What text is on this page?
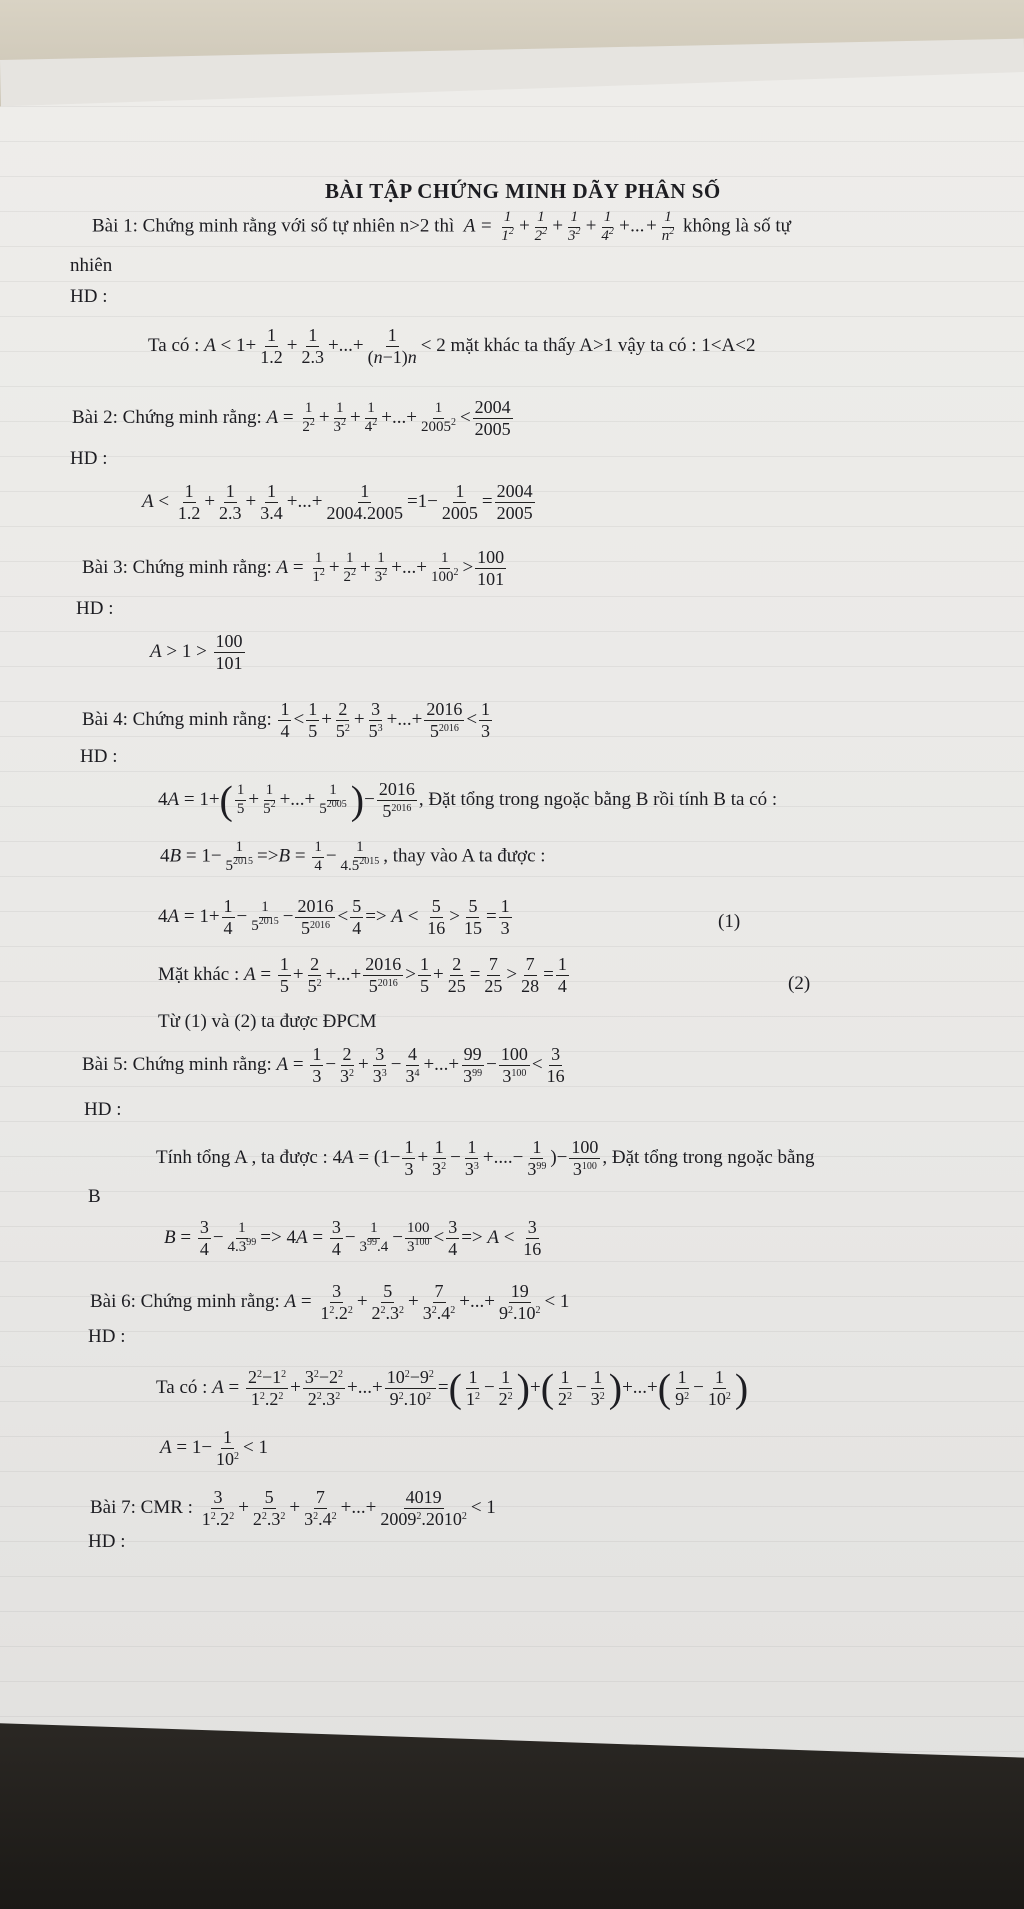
BÀI TẬP CHỨNG MINH DÃY PHÂN SỐ
Bài 1: Chứng minh rằng với số tự nhiên n>2 thì  $A = \frac{1}{1^2} + \frac{1}{2^2} + \frac{1}{3^2} + \frac{1}{4^2}$ +...+ $\frac{1}{n^2}$ không là số tự
nhiên
HD :
Ta có : $A < 1+ \frac{1}{1.2} + \frac{1}{2.3}$ +...+ $\frac{1}{(n-1)n} < 2$ mặt khác ta thấy A>1 vậy ta có : 1<A<2
Bài 2: Chứng minh rằng: $A = \frac{1}{2^2} + \frac{1}{3^2} + \frac{1}{4^2}$ +...+ $\frac{1}{2005^2} < \frac{2004}{2005}$
HD :
$A < \frac{1}{1.2} + \frac{1}{2.3} + \frac{1}{3.4}$ +...+ $\frac{1}{2004.2005} =1- \frac{1}{2005} = \frac{2004}{2005}$
Bài 3: Chứng minh rằng: $A = \frac{1}{1^2} + \frac{1}{2^2} + \frac{1}{3^2}$ +...+ $\frac{1}{100^2} > \frac{100}{101}$
HD :
$A > 1 > \frac{100}{101}$
Bài 4: Chứng minh rằng: $\frac{1}{4} < \frac{1}{5} + \frac{2}{5^2} + \frac{3}{5^3}$ +...+ $\frac{2016}{5^{2016}} < \frac{1}{3}$
HD :
$4A = 1+( \frac{1}{5} + \frac{1}{5^2}$ +...+ $\frac{1}{5^{2005}}$ )− $\frac{2016}{5^{2016}}$ , Đặt tổng trong ngoặc bằng B rồi tính B ta có :
$4B = 1- \frac{1}{5^{2015}} =>B = \frac{1}{4} - \frac{1}{4.5^{2015}}$ , thay vào A ta được :
$4A = 1+ \frac{1}{4} - \frac{1}{5^{2015}} - \frac{2016}{5^{2016}} < \frac{5}{4} => A < \frac{5}{16} > \frac{5}{15} = \frac{1}{3}$	(1)
Mặt khác : $A = \frac{1}{5} + \frac{2}{5^2}$ +...+ $\frac{2016}{5^{2016}} > \frac{1}{5} + \frac{2}{25} = \frac{7}{25} > \frac{7}{28} = \frac{1}{4}$	(2)
Từ (1) và (2) ta được ĐPCM
Bài 5: Chứng minh rằng: $A = \frac{1}{3} - \frac{2}{3^2} + \frac{3}{3^3} - \frac{4}{3^4}$ +...+ $\frac{99}{3^{99}} - \frac{100}{3^{100}} < \frac{3}{16}$
HD :
Tính tổng A , ta được : $4A = (1- \frac{1}{3} + \frac{1}{3^2} - \frac{1}{3^3}$ +....− $\frac{1}{3^{99}}$ )− $\frac{100}{3^{100}}$ , Đặt tổng trong ngoặc bằng
B
$B = \frac{3}{4} - \frac{1}{4.3^{99}} => 4A = \frac{3}{4} - \frac{1}{3^{99}.4} - \frac{100}{3^{100}} < \frac{3}{4} => A < \frac{3}{16}$
Bài 6: Chứng minh rằng: $A = \frac{3}{1^2.2^2} + \frac{5}{2^2.3^2} + \frac{7}{3^2.4^2}$ +...+ $\frac{19}{9^2.10^2} < 1$
HD :
Ta có : $A = \frac{2^2-1^2}{1^2.2^2} + \frac{3^2-2^2}{2^2.3^2}$ +...+ $\frac{10^2-9^2}{9^2.10^2}$ =( $\frac{1}{1^2} - \frac{1}{2^2}$ )+( $\frac{1}{2^2} - \frac{1}{3^2}$ )+...+( $\frac{1}{9^2} - \frac{1}{10^2}$ )
$A = 1- \frac{1}{10^2} < 1$
Bài 7: CMR : $\frac{3}{1^2.2^2} + \frac{5}{2^2.3^2} + \frac{7}{3^2.4^2}$ +...+ $\frac{4019}{2009^2.2010^2} < 1$
HD :
